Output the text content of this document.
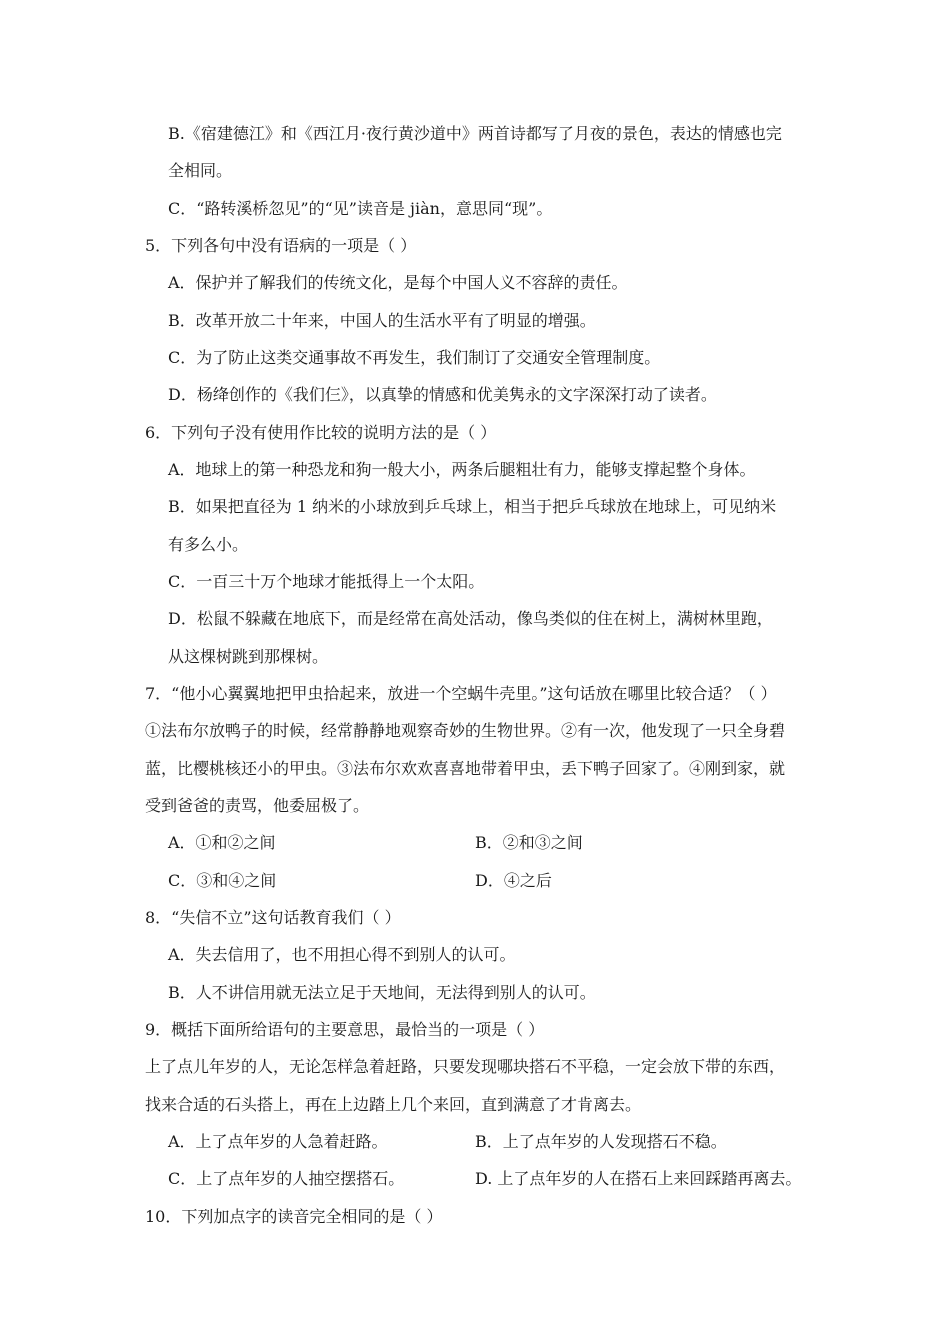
B.《宿建德江》和《西江月·夜行黄沙道中》两首诗都写了月夜的景色，表达的情感也完
全相同。
C．“路转溪桥忽见”的“见”读音是 jiàn，意思同“现”。
5．下列各句中没有语病的一项是（ ）
A．保护并了解我们的传统文化，是每个中国人义不容辞的责任。
B．改革开放二十年来，中国人的生活水平有了明显的增强。
C．为了防止这类交通事故不再发生，我们制订了交通安全管理制度。
D．杨绛创作的《我们仨》，以真挚的情感和优美隽永的文字深深打动了读者。
6．下列句子没有使用作比较的说明方法的是（ ）
A．地球上的第一种恐龙和狗一般大小，两条后腿粗壮有力，能够支撑起整个身体。
B．如果把直径为 1 纳米的小球放到乒乓球上，相当于把乒乓球放在地球上，可见纳米
有多么小。
C．一百三十万个地球才能抵得上一个太阳。
D．松鼠不躲藏在地底下，而是经常在高处活动，像鸟类似的住在树上，满树林里跑，
从这棵树跳到那棵树。
7．“他小心翼翼地把甲虫拾起来，放进一个空蜗牛壳里。”这句话放在哪里比较合适？（ ）
①法布尔放鸭子的时候，经常静静地观察奇妙的生物世界。②有一次，他发现了一只全身碧
蓝，比樱桃核还小的甲虫。③法布尔欢欢喜喜地带着甲虫，丢下鸭子回家了。④刚到家，就
受到爸爸的责骂，他委屈极了。
A．①和②之间	B．②和③之间
C．③和④之间	D．④之后
8．“失信不立”这句话教育我们（ ）
A．失去信用了，也不用担心得不到别人的认可。
B．人不讲信用就无法立足于天地间，无法得到别人的认可。
9．概括下面所给语句的主要意思，最恰当的一项是（ ）
上了点儿年岁的人，无论怎样急着赶路，只要发现哪块搭石不平稳，一定会放下带的东西，
找来合适的石头搭上，再在上边踏上几个来回，直到满意了才肯离去。
A．上了点年岁的人急着赶路。	B．上了点年岁的人发现搭石不稳。
C．上了点年岁的人抽空摆搭石。	D. 上了点年岁的人在搭石上来回踩踏再离去。
10．下列加点字的读音完全相同的是（ ）
